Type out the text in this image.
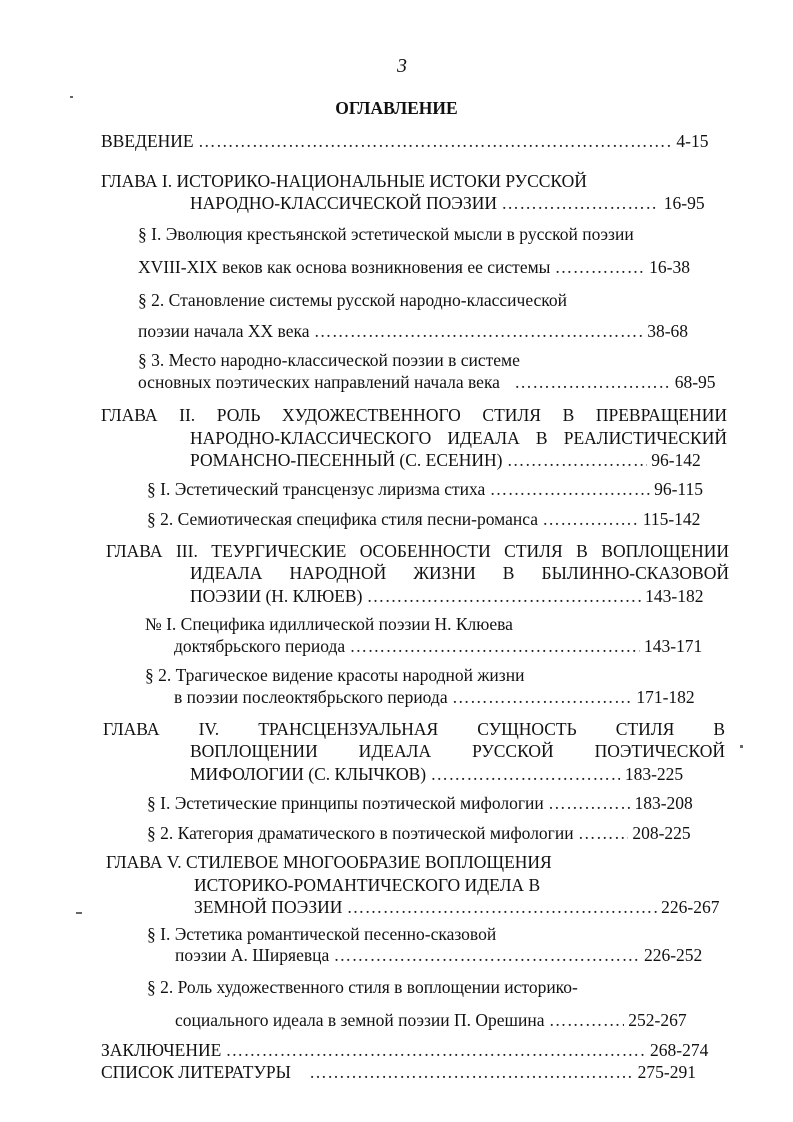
3
ОГЛАВЛЕНИЕ
ВВЕДЕНИЕ ……………………………………………………………………………………………………………………………………………………	4-15
ГЛАВА I. ИСТОРИКО-НАЦИОНАЛЬНЫЕ ИСТОКИ РУССКОЙ
НАРОДНО-КЛАССИЧЕСКОЙ ПОЭЗИИ ……………………………………………………………………………………………………………………………………………………	16-95
§ I. Эволюция крестьянской эстетической мысли в русской поэзии
XVIII-XIX веков как основа возникновения ее системы ……………………………………………………………………………………………………………………………………………………	16-38
§ 2. Становление системы русской народно-классической
поэзии начала ХХ века ……………………………………………………………………………………………………………………………………………………	38-68
§ 3. Место народно-классической поэзии в системе
основных поэтических направлений начала века ……………………………………………………………………………………………………………………………………………………	68-95
ГЛАВА II. РОЛЬ ХУДОЖЕСТВЕННОГО СТИЛЯ В ПРЕВРАЩЕНИИ
НАРОДНО-КЛАССИЧЕСКОГО ИДЕАЛА В РЕАЛИСТИЧЕСКИЙ
РОМАНСНО-ПЕСЕННЫЙ (С. ЕСЕНИН) ……………………………………………………………………………………………………………………………………………………	96-142
§ I. Эстетический трансцензус лиризма стиха ……………………………………………………………………………………………………………………………………………………	96-115
§ 2. Семиотическая специфика стиля песни-романса ……………………………………………………………………………………………………………………………………………………	115-142
ГЛАВА III. ТЕУРГИЧЕСКИЕ ОСОБЕННОСТИ СТИЛЯ В ВОПЛОЩЕНИИ
ИДЕАЛА НАРОДНОЙ ЖИЗНИ В БЫЛИННО-СКАЗОВОЙ
ПОЭЗИИ (Н. КЛЮЕВ) ……………………………………………………………………………………………………………………………………………………	143-182
№ I. Специфика идиллической поэзии Н. Клюева
доктябрьского периода ……………………………………………………………………………………………………………………………………………………	143-171
§ 2. Трагическое видение красоты народной жизни
в поэзии послеоктябрьского периода ……………………………………………………………………………………………………………………………………………………	171-182
ГЛАВА IV. ТРАНСЦЕНЗУАЛЬНАЯ СУЩНОСТЬ СТИЛЯ В
ВОПЛОЩЕНИИ ИДЕАЛА РУССКОЙ ПОЭТИЧЕСКОЙ
МИФОЛОГИИ (С. КЛЫЧКОВ) ……………………………………………………………………………………………………………………………………………………	183-225
§ I. Эстетические принципы поэтической мифологии ……………………………………………………………………………………………………………………………………………………	183-208
§ 2. Категория драматического в поэтической мифологии ……………………………………………………………………………………………………………………………………………………	208-225
ГЛАВА V. СТИЛЕВОЕ МНОГООБРАЗИЕ ВОПЛОЩЕНИЯ
ИСТОРИКО-РОМАНТИЧЕСКОГО ИДЕЛА В
ЗЕМНОЙ ПОЭЗИИ ……………………………………………………………………………………………………………………………………………………	226-267
§ I. Эстетика романтической песенно-сказовой
поэзии А. Ширяевца ……………………………………………………………………………………………………………………………………………………	226-252
§ 2. Роль художественного стиля в воплощении историко-
социального идеала в земной поэзии П. Орешина ……………………………………………………………………………………………………………………………………………………	252-267
ЗАКЛЮЧЕНИЕ ……………………………………………………………………………………………………………………………………………………	268-274
СПИСОК ЛИТЕРАТУРЫ ……………………………………………………………………………………………………………………………………………………	275-291
